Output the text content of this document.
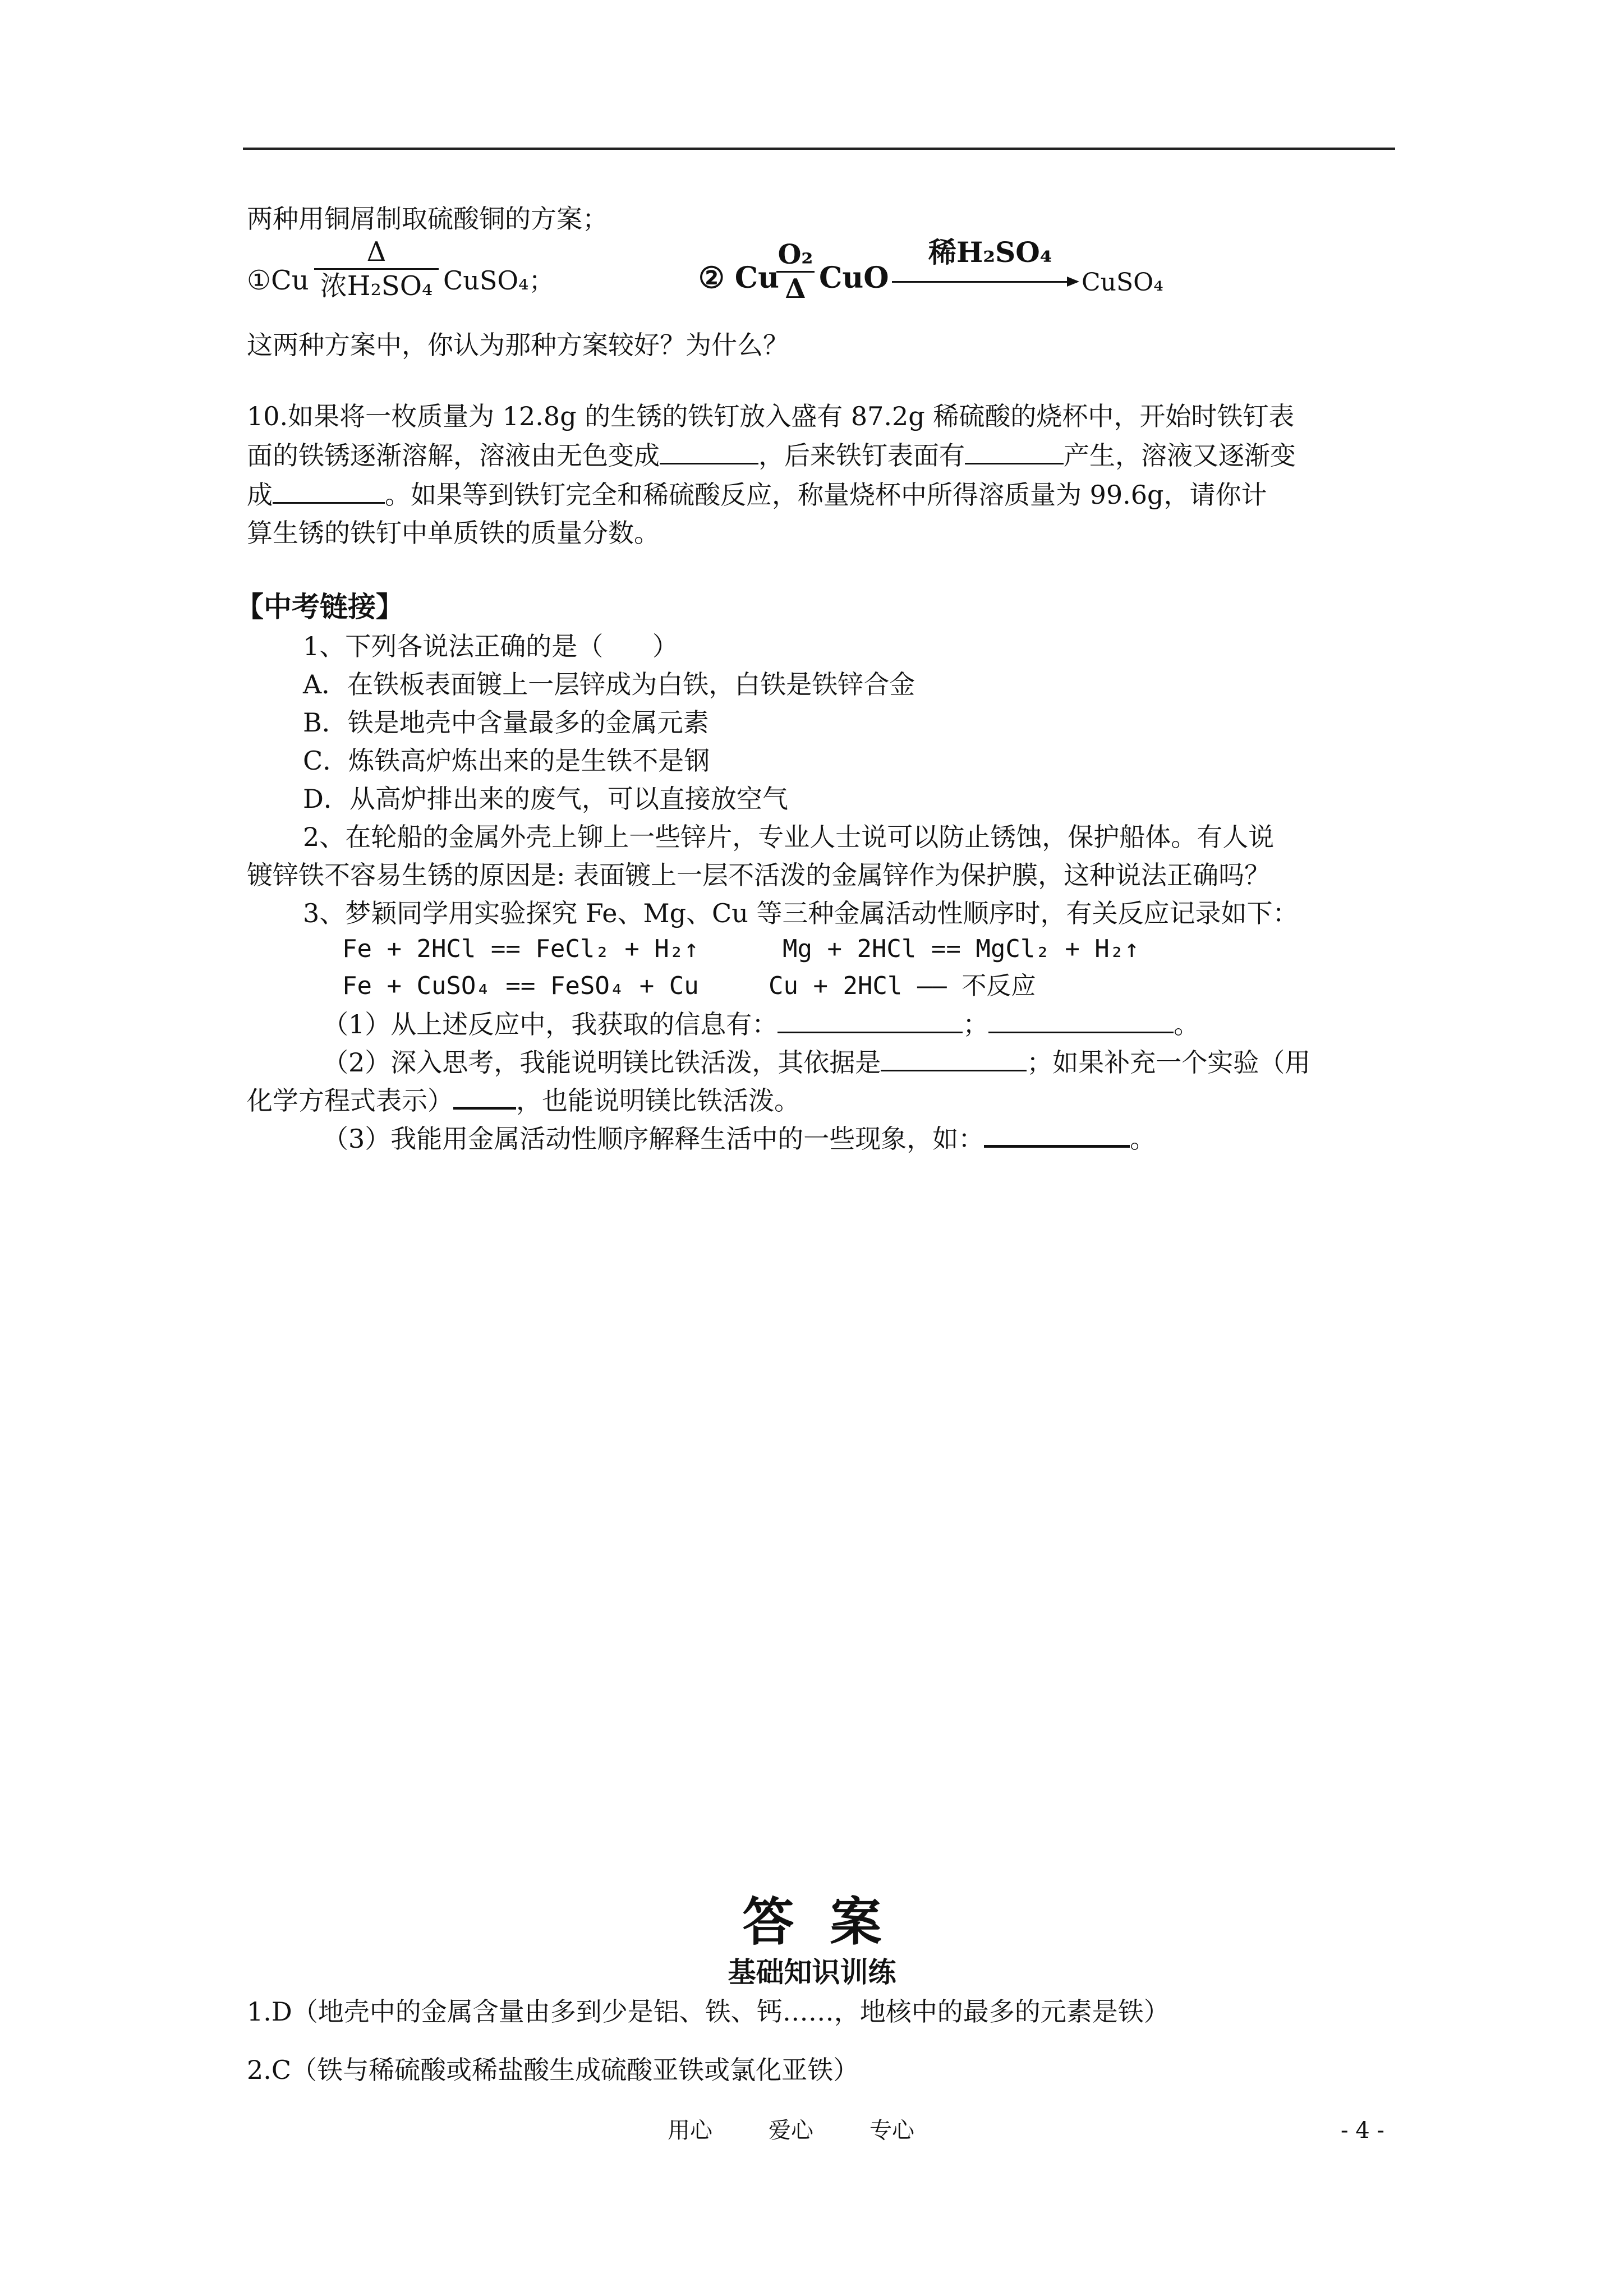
两种用铜屑制取硫酸铜的方案；
①Cu
Δ
浓H₂SO₄ CuSO₄；	② Cu
O₂
Δ CuO
稀H₂SO₄
CuSO₄
这两种方案中，你认为那种方案较好？为什么？
10.如果将一枚质量为 12.8g 的生锈的铁钉放入盛有 87.2g 稀硫酸的烧杯中，开始时铁钉表
面的铁锈逐渐溶解，溶液由无色变成	，后来铁钉表面有	产生，溶液又逐渐变
成	。如果等到铁钉完全和稀硫酸反应，称量烧杯中所得溶质量为 99.6g，请你计
算生锈的铁钉中单质铁的质量分数。
【中考链接】
1、下列各说法正确的是（      ）
A．在铁板表面镀上一层锌成为白铁，白铁是铁锌合金
B．铁是地壳中含量最多的金属元素
C．炼铁高炉炼出来的是生铁不是钢
D．从高炉排出来的废气，可以直接放空气
2、在轮船的金属外壳上铆上一些锌片，专业人士说可以防止锈蚀，保护船体。有人说
镀锌铁不容易生锈的原因是: 表面镀上一层不活泼的金属锌作为保护膜，这种说法正确吗？
3、梦颖同学用实验探究 Fe、Mg、Cu 等三种金属活动性顺序时，有关反应记录如下：
Fe + 2HCl == FeCl₂ + H₂↑	Mg + 2HCl == MgCl₂ + H₂↑
Fe + CuSO₄ == FeSO₄ + Cu	Cu + 2HCl —— 不反应
（1）从上述反应中，我获取的信息有：	；	。
（2）深入思考，我能说明镁比铁活泼，其依据是	；如果补充一个实验（用
化学方程式表示） ，也能说明镁比铁活泼。
（3）我能用金属活动性顺序解释生活中的一些现象，如：	。
答  案
基础知识训练
1.D（地壳中的金属含量由多到少是铝、铁、钙……，地核中的最多的元素是铁）
2.C（铁与稀硫酸或稀盐酸生成硫酸亚铁或氯化亚铁）
用心	爱心	专心	- 4 -
